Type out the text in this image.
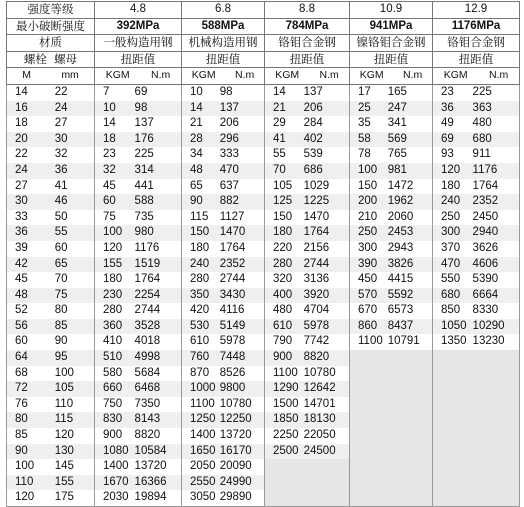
强度等级	4.8	6.8	8.8	10.9	12.9
最小破断强度	392MPa	588MPa	784MPa	941MPa	1176MPa
材质	一般构造用钢	机械构造用钢	铬钼合金钢	镍铬钼合金钢	铬钼合金钢
螺栓 螺母	扭距值	扭距值	扭距值	扭距值	扭距值

M mm	KGM N.m	KGM N.m	KGM N.m	KGM N.m	KGM N.m

14 22	7 69	10 98	14 137	17 165	23 225

16 24	10 98	14 137	21 206	25 247	36 363

18 27	14 137	21 206	29 284	35 341	49 480

20 30	18 176	28 296	41 402	58 569	69 680

22 32	23 225	34 333	55 539	78 765	93 911

24 36	32 314	48 470	70 686	100 981	120 1176

27 41	45 441	65 637	105 1029	150 1472	180 1764

30 46	60 588	90 882	125 1225	200 1962	240 2352

33 50	75 735	115 1127	150 1470	210 2060	250 2450

36 55	100 980	150 1470	180 1764	250 2453	300 2940

39 60	120 1176	180 1764	220 2156	300 2943	370 3626

42 65	155 1519	240 2352	280 2744	390 3826	470 4606

45 70	180 1764	280 2744	320 3136	450 4415	550 5390

48 75	230 2254	350 3430	400 3920	570 5592	680 6664

52 80	280 2744	420 4116	480 4704	670 6573	850 8330

56 85	360 3528	530 5149	610 5978	860 8437	1050 10290

60 90	410 4018	610 5978	790 7742	1100 10791	1350 13230

64 95	510 4998	760 7448	900 8820		

68 100	580 5684	870 8526	1100 10780		

72 105	660 6468	1000 9800	1290 12642		

76 110	750 7350	1100 10780	1500 14701		

80 115	830 8143	1250 12250	1850 18130		

85 120	900 8820	1400 13720	2250 22050		

90 130	1080 10584	1650 16170	2500 24500		

100 145	1400 13720	2050 20090			

110 155	1670 16366	2550 24990			

120 175	2030 19894	3050 29890			
